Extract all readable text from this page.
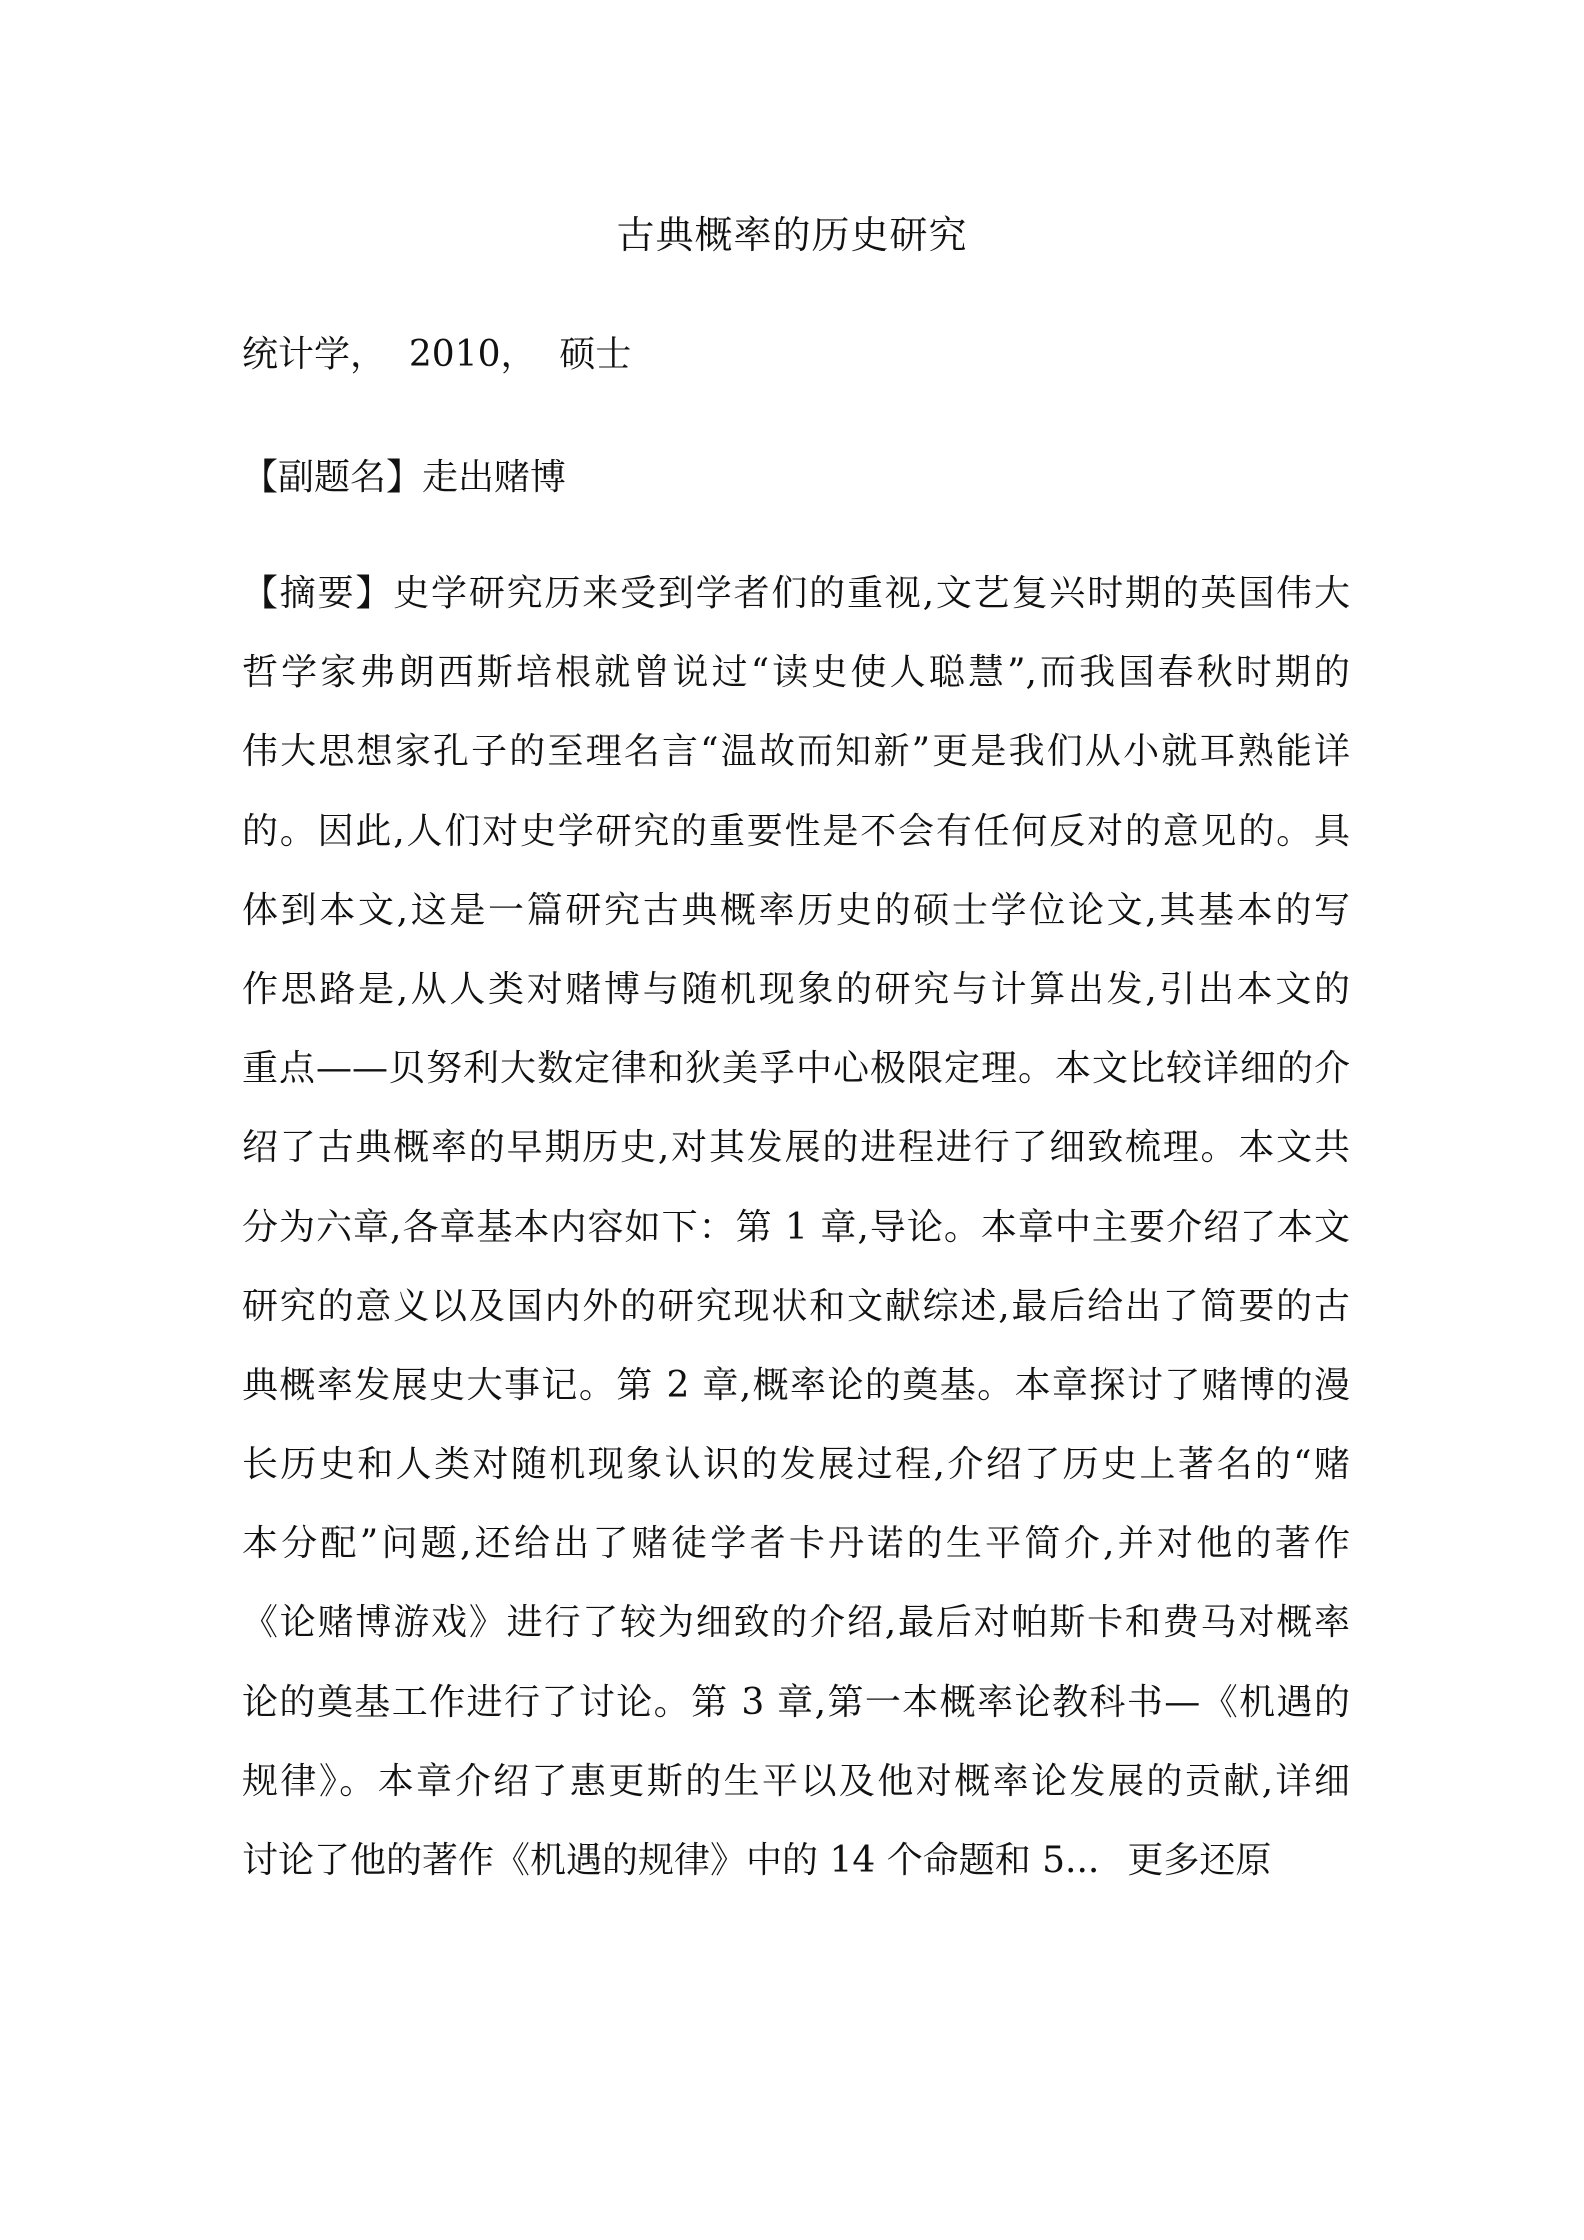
古典概率的历史研究
统计学，  2010，  硕士
【副题名】走出赌博
【摘要】史学研究历来受到学者们的重视,文艺复兴时期的英国伟大
哲学家弗朗西斯培根就曾说过“读史使人聪慧”,而我国春秋时期的
伟大思想家孔子的至理名言“温故而知新”更是我们从小就耳熟能详
的。因此,人们对史学研究的重要性是不会有任何反对的意见的。具
体到本文,这是一篇研究古典概率历史的硕士学位论文,其基本的写
作思路是,从人类对赌博与随机现象的研究与计算出发,引出本文的
重点——贝努利大数定律和狄美孚中心极限定理。本文比较详细的介
绍了古典概率的早期历史,对其发展的进程进行了细致梳理。本文共
分为六章,各章基本内容如下：第 1 章,导论。本章中主要介绍了本文
研究的意义以及国内外的研究现状和文献综述,最后给出了简要的古
典概率发展史大事记。第 2 章,概率论的奠基。本章探讨了赌博的漫
长历史和人类对随机现象认识的发展过程,介绍了历史上著名的“赌
本分配”问题,还给出了赌徒学者卡丹诺的生平简介,并对他的著作
《论赌博游戏》进行了较为细致的介绍,最后对帕斯卡和费马对概率
论的奠基工作进行了讨论。第 3 章,第一本概率论教科书—《机遇的
规律》。本章介绍了惠更斯的生平以及他对概率论发展的贡献,详细
讨论了他的著作《机遇的规律》中的 14 个命题和 5... 更多还原
